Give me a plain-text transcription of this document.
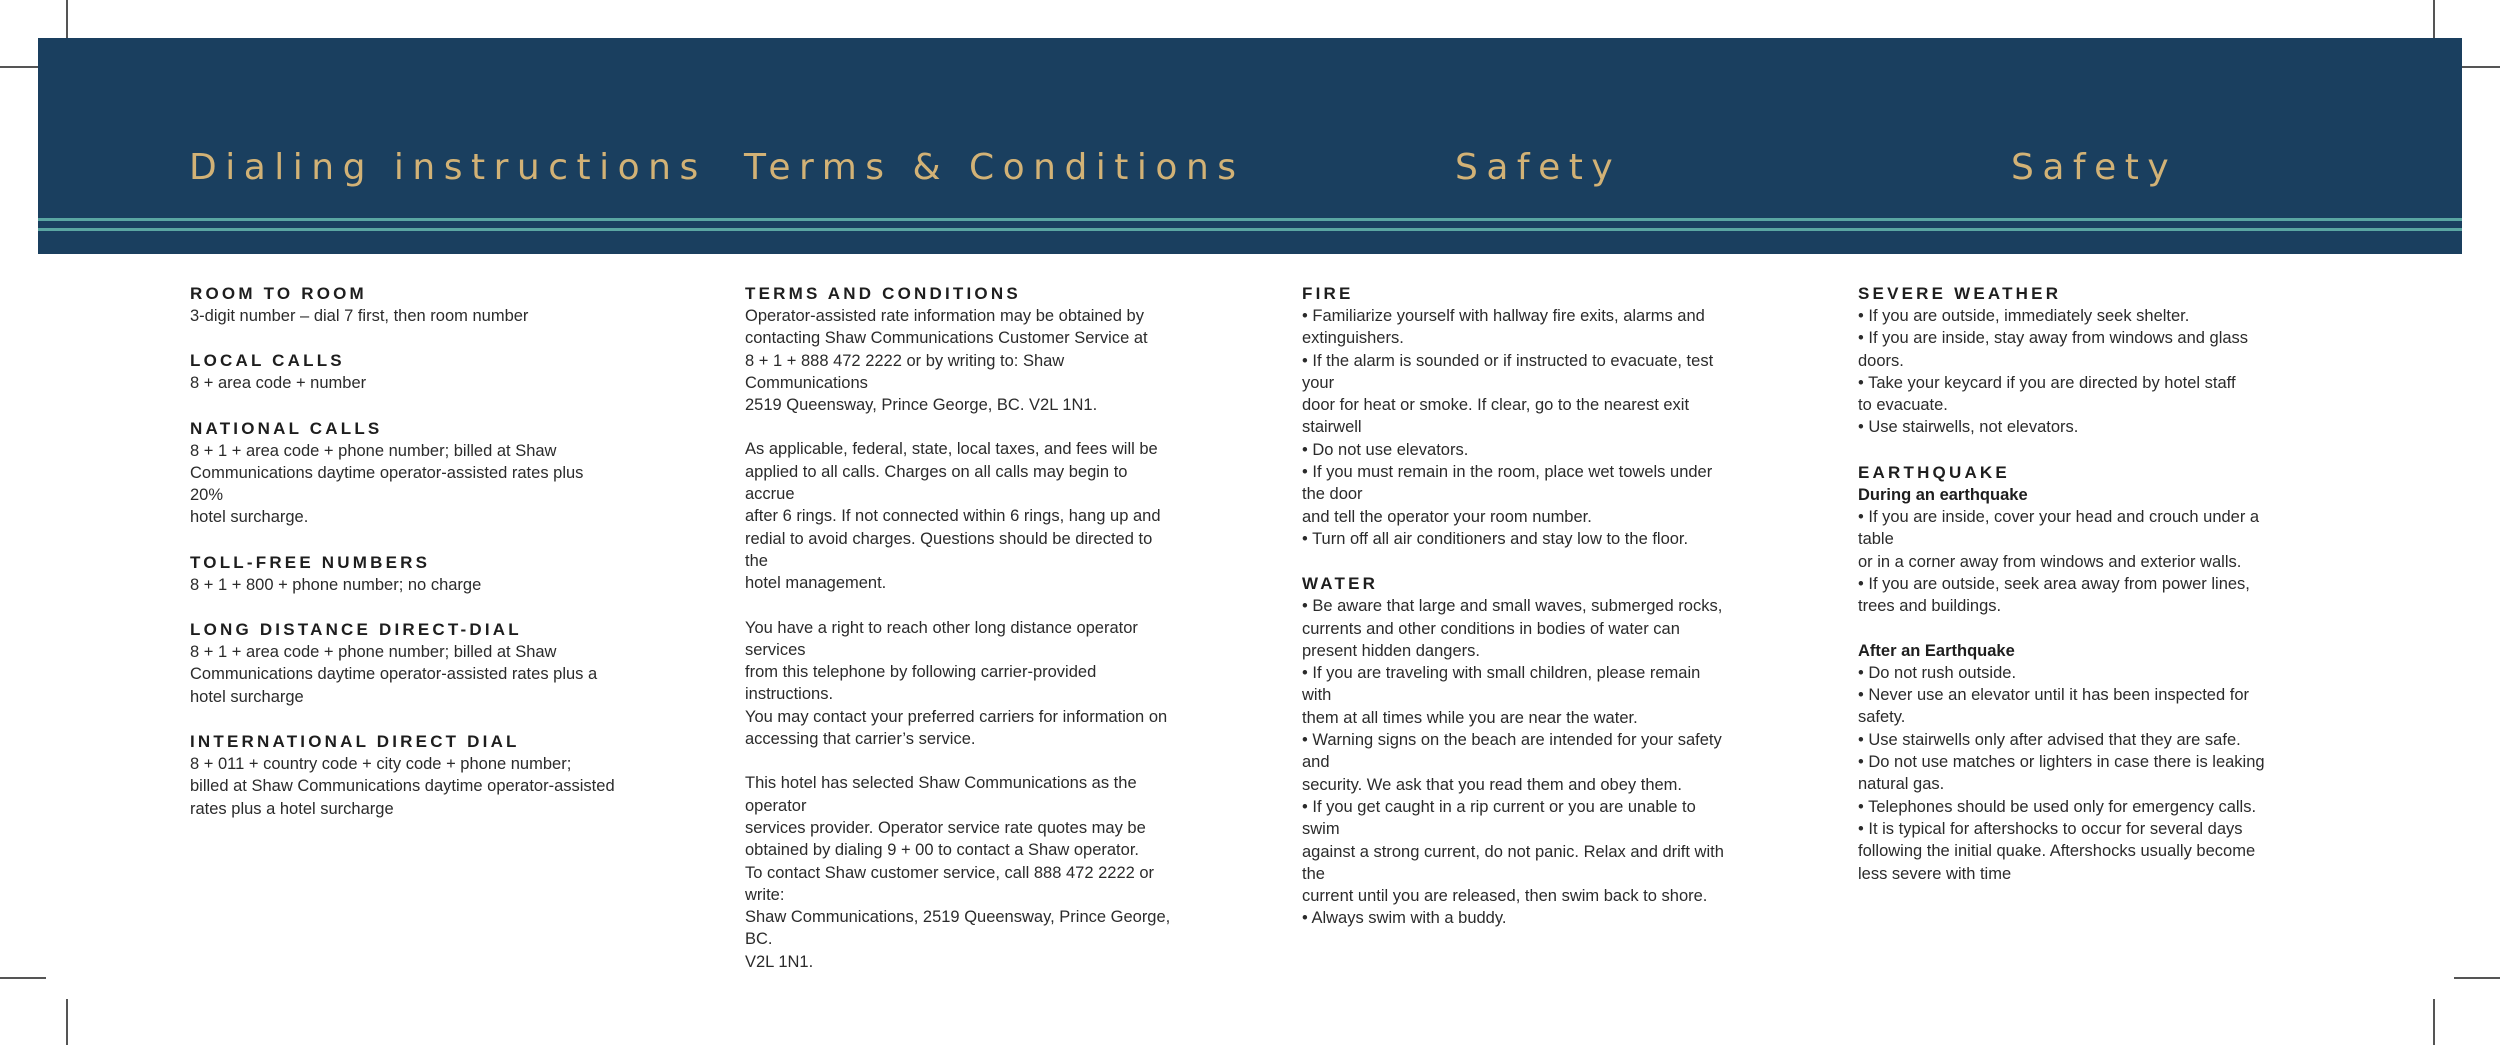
Dialing instructions Terms & Conditions	Safety	Safety

ROOM TO ROOM

3-digit number – dial 7 first, then room number

LOCAL CALLS

8 + area code + number

NATIONAL CALLS

8 + 1 + area code + phone number; billed at Shaw

Communications daytime operator-assisted rates plus 20%

hotel surcharge.

TOLL-FREE NUMBERS

8 + 1 + 800 + phone number; no charge

LONG DISTANCE DIRECT-DIAL

8 + 1 + area code + phone number; billed at Shaw

Communications daytime operator-assisted rates plus a

hotel surcharge

INTERNATIONAL DIRECT DIAL

8 + 011 + country code + city code + phone number;

billed at Shaw Communications daytime operator-assisted

rates plus a hotel surcharge

TERMS AND CONDITIONS

Operator-assisted rate information may be obtained by

contacting Shaw Communications Customer Service at

8 + 1 + 888 472 2222 or by writing to: Shaw Communications

2519 Queensway, Prince George, BC. V2L 1N1.

As applicable, federal, state, local taxes, and fees will be

applied to all calls. Charges on all calls may begin to accrue

after 6 rings. If not connected within 6 rings, hang up and

redial to avoid charges. Questions should be directed to the

hotel management.

You have a right to reach other long distance operator services

from this telephone by following carrier-provided instructions.

You may contact your preferred carriers for information on

accessing that carrier’s service.

This hotel has selected Shaw Communications as the operator

services provider. Operator service rate quotes may be

obtained by dialing 9 + 00 to contact a Shaw operator.

To contact Shaw customer service, call 888 472 2222 or write:

Shaw Communications, 2519 Queensway, Prince George, BC.

V2L 1N1.

FIRE

• Familiarize yourself with hallway fire exits, alarms and

extinguishers.

• If the alarm is sounded or if instructed to evacuate, test your

door for heat or smoke. If clear, go to the nearest exit stairwell

• Do not use elevators.

• If you must remain in the room, place wet towels under the door

and tell the operator your room number.

• Turn off all air conditioners and stay low to the floor.

WATER

• Be aware that large and small waves, submerged rocks,

currents and other conditions in bodies of water can

present hidden dangers.

• If you are traveling with small children, please remain with

them at all times while you are near the water.

• Warning signs on the beach are intended for your safety and

security. We ask that you read them and obey them.

• If you get caught in a rip current or you are unable to swim

against a strong current, do not panic. Relax and drift with the

current until you are released, then swim back to shore.

• Always swim with a buddy.

SEVERE WEATHER

• If you are outside, immediately seek shelter.

• If you are inside, stay away from windows and glass doors.

• Take your keycard if you are directed by hotel staff

to evacuate.

• Use stairwells, not elevators.

EARTHQUAKE

During an earthquake

• If you are inside, cover your head and crouch under a table

or in a corner away from windows and exterior walls.

• If you are outside, seek area away from power lines,

trees and buildings.

After an Earthquake

• Do not rush outside.

• Never use an elevator until it has been inspected for safety.

• Use stairwells only after advised that they are safe.

• Do not use matches or lighters in case there is leaking

natural gas.

• Telephones should be used only for emergency calls.

• It is typical for aftershocks to occur for several days

following the initial quake. Aftershocks usually become

less severe with time
